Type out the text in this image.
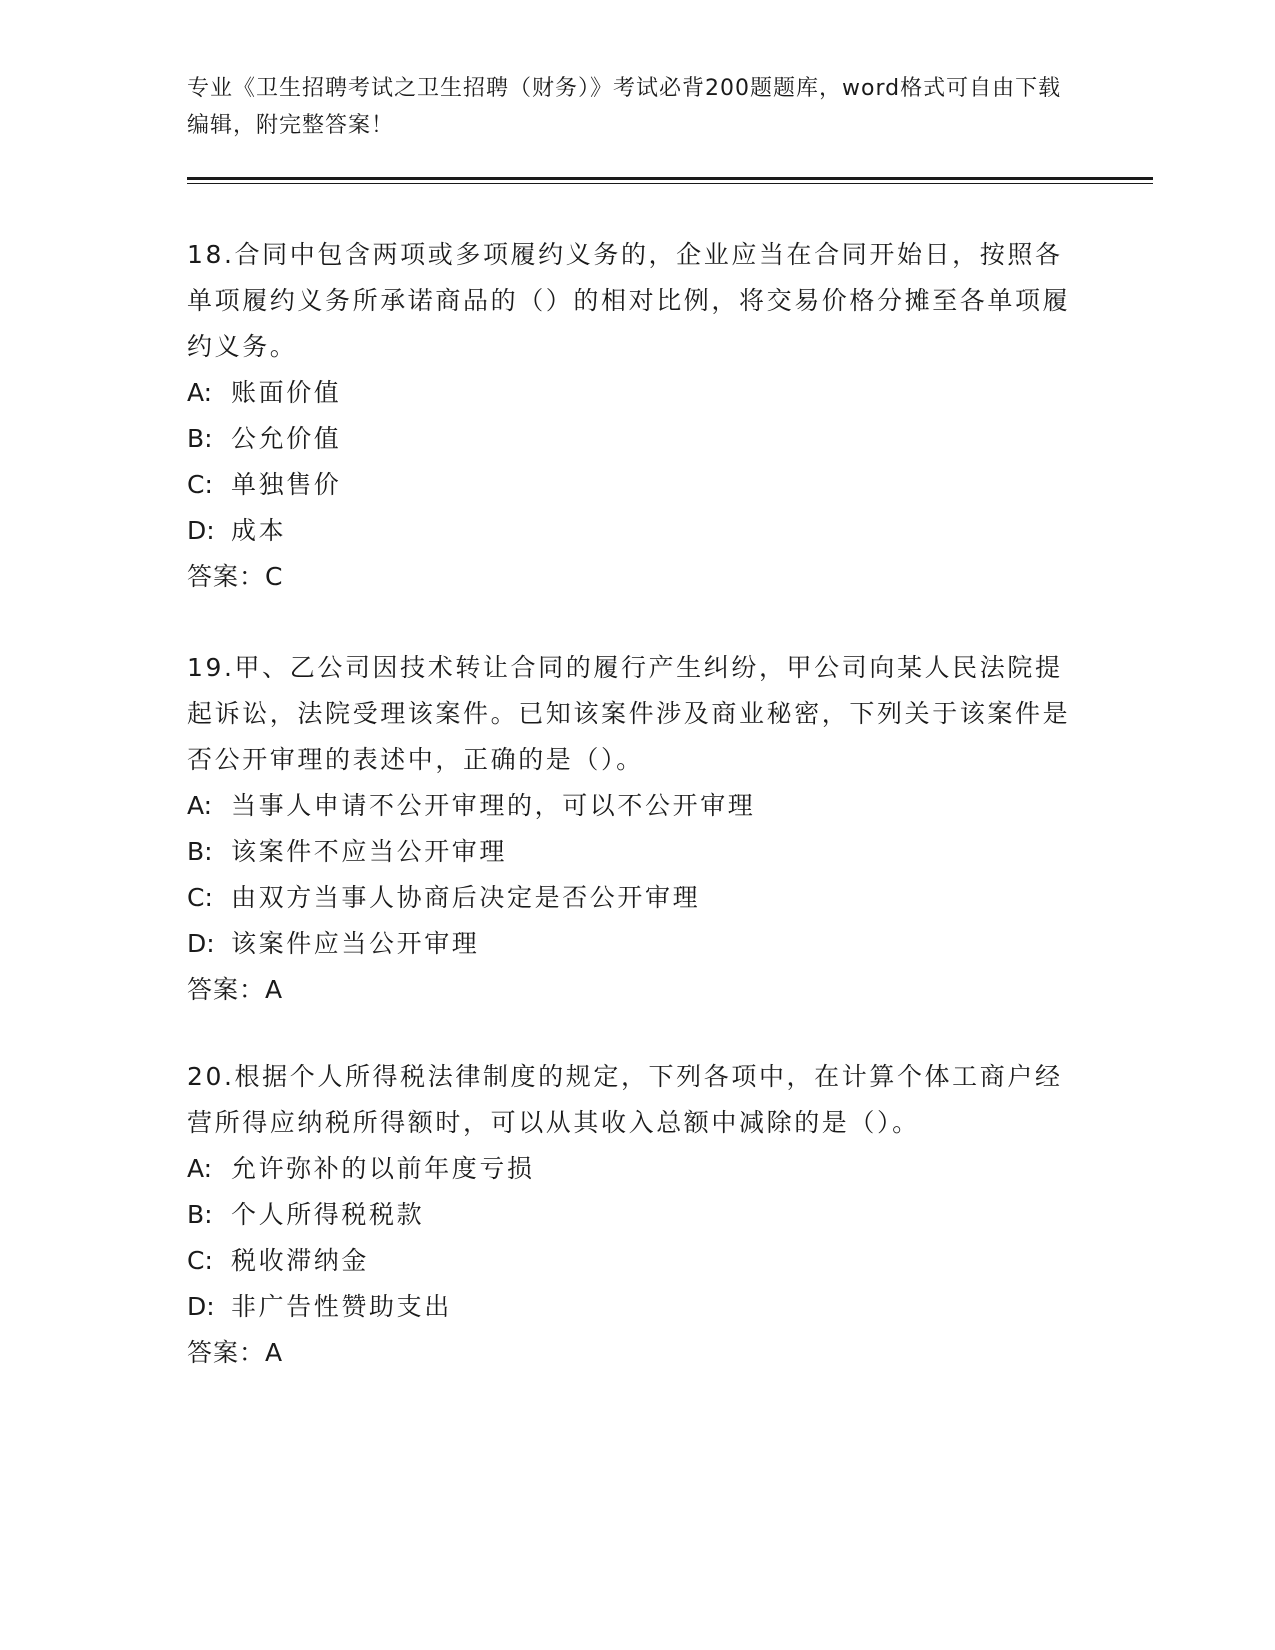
专业《卫生招聘考试之卫生招聘（财务）》考试必背200题题库，word格式可自由下载编辑，附完整答案！

18.合同中包含两项或多项履约义务的，企业应当在合同开始日，按照各单项履约义务所承诺商品的（）的相对比例，将交易价格分摊至各单项履约义务。

A: 账面价值
B: 公允价值
C: 单独售价
D: 成本
答案：C

19.甲、乙公司因技术转让合同的履行产生纠纷，甲公司向某人民法院提起诉讼，法院受理该案件。已知该案件涉及商业秘密，下列关于该案件是否公开审理的表述中，正确的是（）。

A: 当事人申请不公开审理的，可以不公开审理
B: 该案件不应当公开审理
C: 由双方当事人协商后决定是否公开审理
D: 该案件应当公开审理
答案：A

20.根据个人所得税法律制度的规定，下列各项中，在计算个体工商户经营所得应纳税所得额时，可以从其收入总额中减除的是（）。

A: 允许弥补的以前年度亏损
B: 个人所得税税款
C: 税收滞纳金
D: 非广告性赞助支出
答案：A
